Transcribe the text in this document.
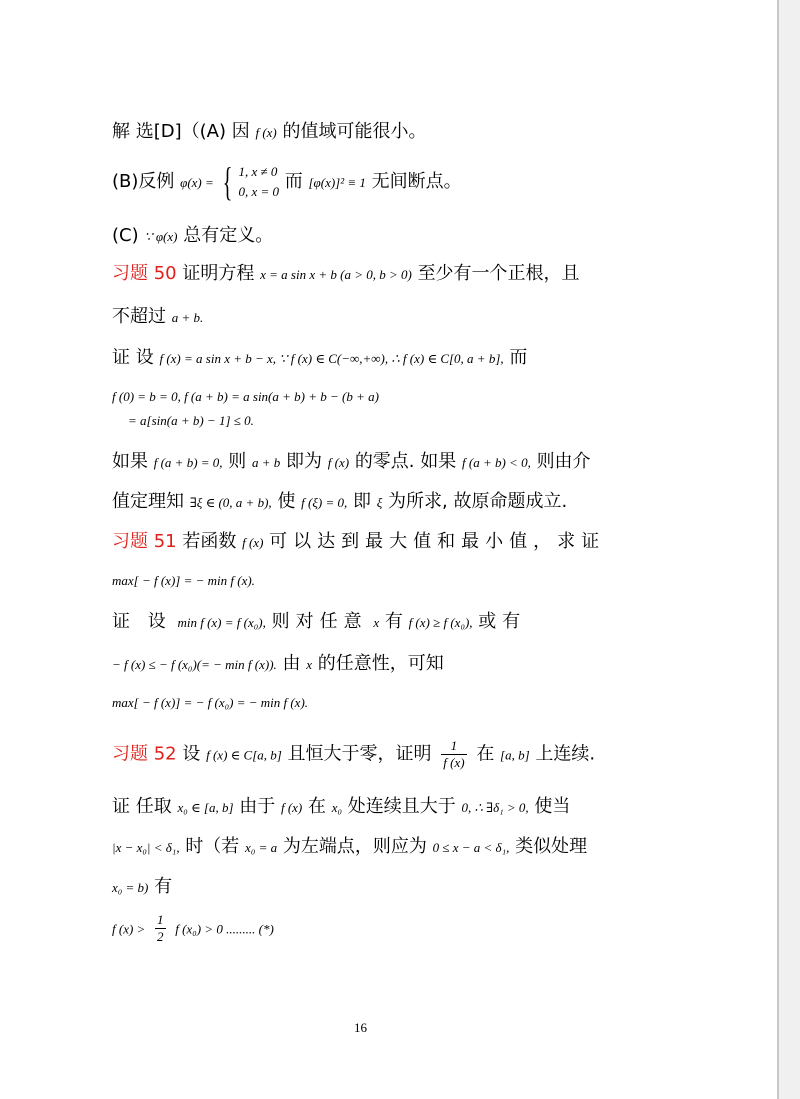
解 选[D]（(A) 因 f (x) 的值域可能很小。
(B)反例 φ(x) = { 1, x ≠ 0
0, x = 0 而 [φ(x)]² ≡ 1 无间断点。
(C) ∵ φ(x) 总有定义。
习题 50 证明方程 x = a sin x + b (a > 0, b > 0) 至少有一个正根，且
不超过 a + b.
证 设 f (x) = a sin x + b − x, ∵ f (x) ∈ C(−∞,+∞), ∴ f (x) ∈ C[0, a + b], 而
f (0) = b = 0, f (a + b) = a sin(a + b) + b − (b + a)
= a[sin(a + b) − 1] ≤ 0.
如果 f (a + b) = 0, 则 a + b 即为 f (x) 的零点. 如果 f (a + b) < 0, 则由介
值定理知 ∃ξ ∈ (0, a + b), 使 f (ξ) = 0, 即 ξ 为所求, 故原命题成立.
习题 51 若函数 f (x) 可以达到最大值和最小值，求证
max[ − f (x)] = − min f (x).
证 设 min f (x) = f (x₀), 则对任意 x 有 f (x) ≥ f (x₀), 或有
− f (x) ≤ − f (x₀)(= − min f (x)). 由 x 的任意性，可知
max[ − f (x)] = − f (x₀) = − min f (x).
习题 52 设 f (x) ∈ C[a, b] 且恒大于零，证明 $\frac{1}{f (x)}$ 在 [a, b] 上连续.
证 任取 x₀ ∈ [a, b] 由于 f (x) 在 x₀ 处连续且大于 0, ∴ ∃δ₁ > 0, 使当
|x − x₀| < δ₁, 时（若 x₀ = a 为左端点，则应为 0 ≤ x − a < δ₁, 类似处理
x₀ = b) 有
f $(x) > \frac{1}{2}$ f (x₀) > 0 ......... (*)
16
